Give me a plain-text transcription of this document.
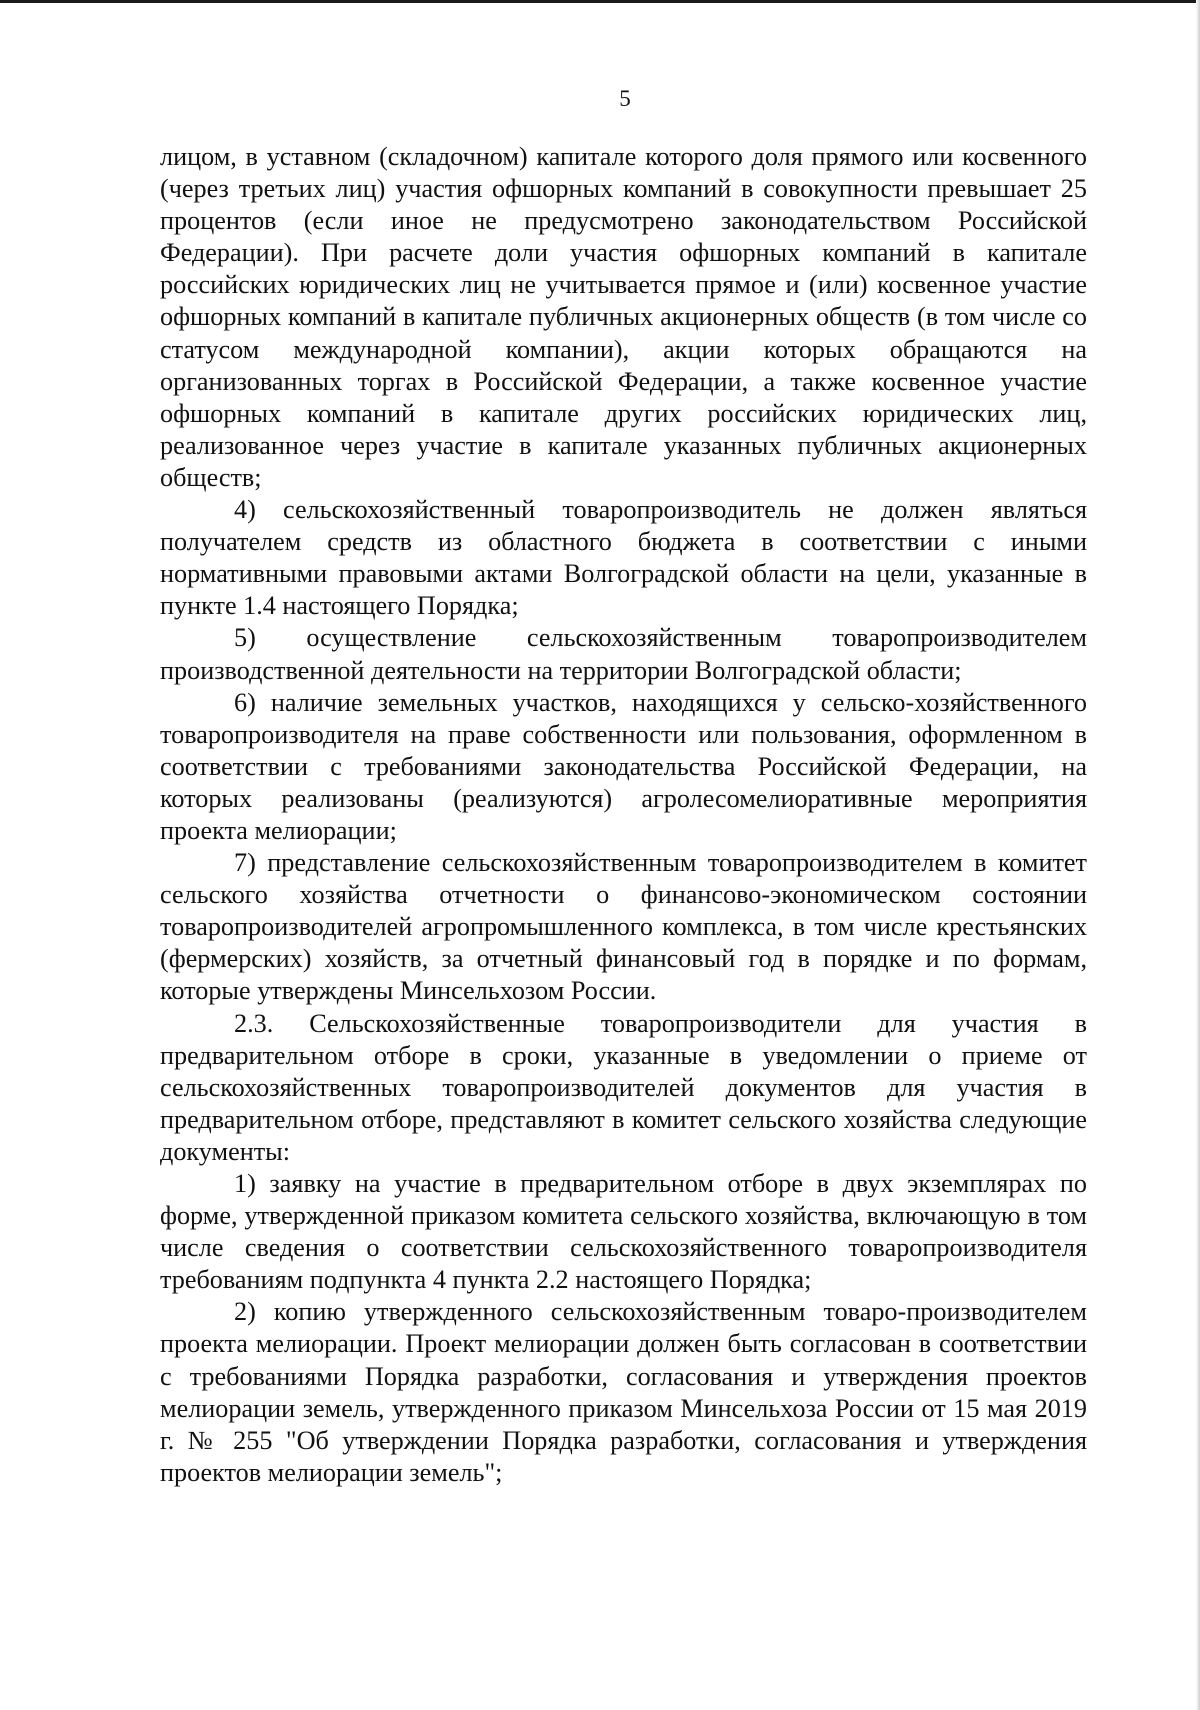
5

лицом, в уставном (складочном) капитале которого доля прямого или косвенного (через третьих лиц) участия офшорных компаний в совокупности превышает 25 процентов (если иное не предусмотрено законодательством Российской Федерации). При расчете доли участия офшорных компаний в капитале российских юридических лиц не учитывается прямое и (или) косвенное участие офшорных компаний в капитале публичных акционерных обществ (в том числе со статусом международной компании), акции которых обращаются на организованных торгах в Российской Федерации, а также косвенное участие офшорных компаний в капитале других российских юридических лиц, реализованное через участие в капитале указанных публичных акционерных обществ;

4) сельскохозяйственный товаропроизводитель не должен являться получателем средств из областного бюджета в соответствии с иными нормативными правовыми актами Волгоградской области на цели, указанные в пункте 1.4 настоящего Порядка;

5) осуществление сельскохозяйственным товаропроизводителем производственной деятельности на территории Волгоградской области;

6) наличие земельных участков, находящихся у сельско-хозяйственного товаропроизводителя на праве собственности или пользования, оформленном в соответствии с требованиями законодательства Российской Федерации, на которых реализованы (реализуются) агролесомелиоративные мероприятия проекта мелиорации;

7) представление сельскохозяйственным товаропроизводителем в комитет сельского хозяйства отчетности о финансово-экономическом состоянии товаропроизводителей агропромышленного комплекса, в том числе крестьянских (фермерских) хозяйств, за отчетный финансовый год в порядке и по формам, которые утверждены Минсельхозом России.

2.3. Сельскохозяйственные товаропроизводители для участия в предварительном отборе в сроки, указанные в уведомлении о приеме от сельскохозяйственных товаропроизводителей документов для участия в предварительном отборе, представляют в комитет сельского хозяйства следующие документы:

1) заявку на участие в предварительном отборе в двух экземплярах по форме, утвержденной приказом комитета сельского хозяйства, включающую в том числе сведения о соответствии сельскохозяйственного товаропроизводителя требованиям подпункта 4 пункта 2.2 настоящего Порядка;

2) копию утвержденного сельскохозяйственным товаро-производителем проекта мелиорации. Проект мелиорации должен быть согласован в соответствии с требованиями Порядка разработки, согласования и утверждения проектов мелиорации земель, утвержденного приказом Минсельхоза России от 15 мая 2019 г. № 255 "Об утверждении Порядка разработки, согласования и утверждения проектов мелиорации земель";
